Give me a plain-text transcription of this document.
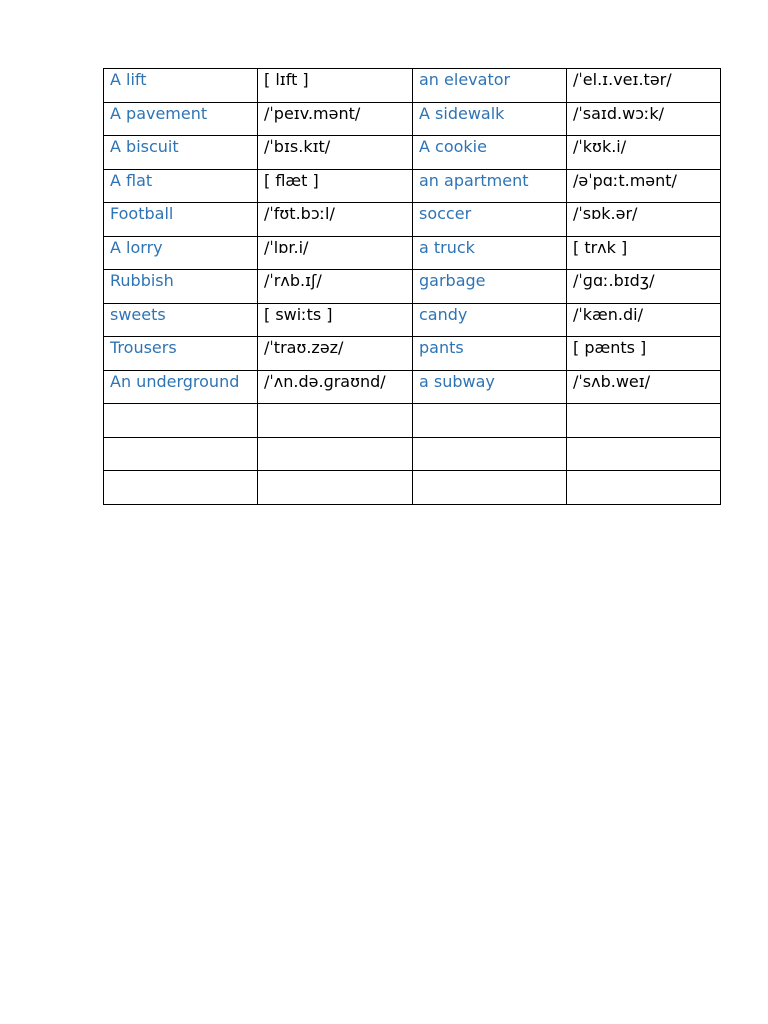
A lift	[ lɪft ]	an elevator	/ˈel.ɪ.veɪ.tər/
A pavement	/ˈpeɪv.mənt/	A sidewalk	/ˈsaɪd.wɔːk/
A biscuit	/ˈbɪs.kɪt/	A cookie	/ˈkʊk.i/
A flat	[ flæt ]	an apartment	/əˈpɑːt.mənt/
Football	/ˈfʊt.bɔːl/	soccer	/ˈsɒk.ər/
A lorry	/ˈlɒr.i/	a truck	[ trʌk ]
Rubbish	/ˈrʌb.ɪʃ/	garbage	/ˈɡɑː.bɪdʒ/
sweets	[ swiːts ]	candy	/ˈkæn.di/
Trousers	/ˈtraʊ.zəz/	pants	[ pænts ]
An underground	/ˈʌn.də.ɡraʊnd/	a subway	/ˈsʌb.weɪ/
